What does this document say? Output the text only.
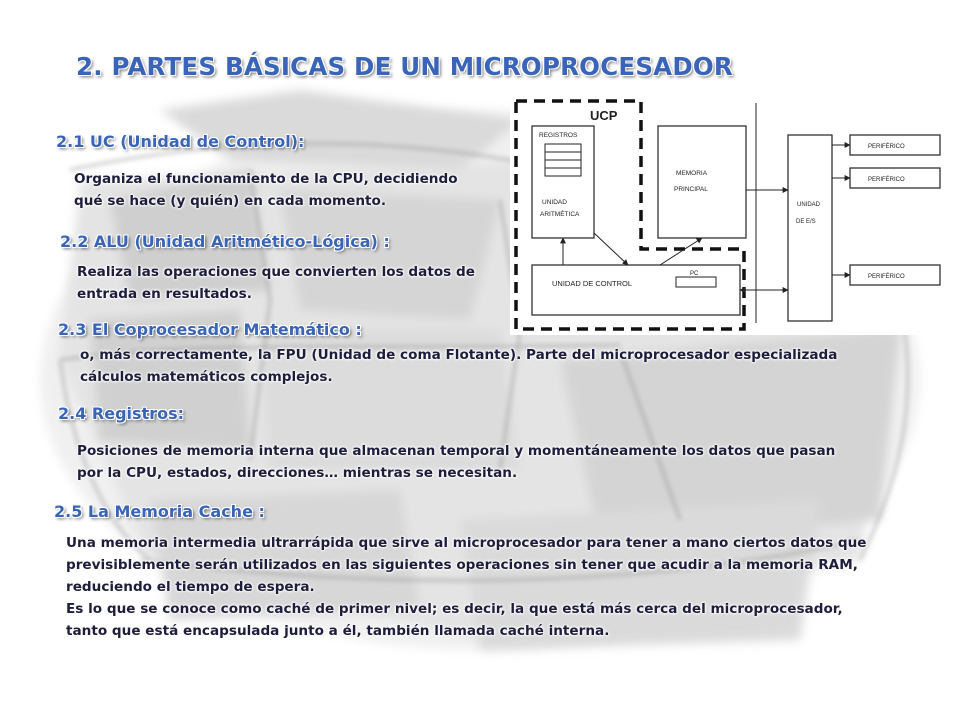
2. PARTES BÁSICAS DE UN MICROPROCESADOR
2.1 UC (Unidad de Control):
Organiza el funcionamiento de la CPU, decidiendo
qué se hace (y quién) en cada momento.
2.2 ALU (Unidad Aritmético-Lógica) :
Realiza las operaciones que convierten los datos de
entrada en resultados.
2.3 El Coprocesador Matemático :
o, más correctamente, la FPU (Unidad de coma Flotante). Parte del microprocesador especializada
cálculos matemáticos complejos.
2.4 Registros:
Posiciones de memoria interna que almacenan temporal y momentáneamente los datos que pasan
por la CPU, estados, direcciones… mientras se necesitan.
2.5 La Memoria Cache :
Una memoria intermedia ultrarrápida que sirve al microprocesador para tener a mano ciertos datos que
previsiblemente serán utilizados en las siguientes operaciones sin tener que acudir a la memoria RAM,
reduciendo el tiempo de espera.
Es lo que se conoce como caché de primer nivel; es decir, la que está más cerca del microprocesador,
tanto que está encapsulada junto a él, también llamada caché interna.
UCP
REGISTROS
UNIDAD
ARITMÉTICA
MEMORIA
PRINCIPAL
UNIDAD DE CONTROL
PC
UNIDAD
DE E/S
PERIFÉRICO
PERIFÉRICO
PERIFÉRICO
